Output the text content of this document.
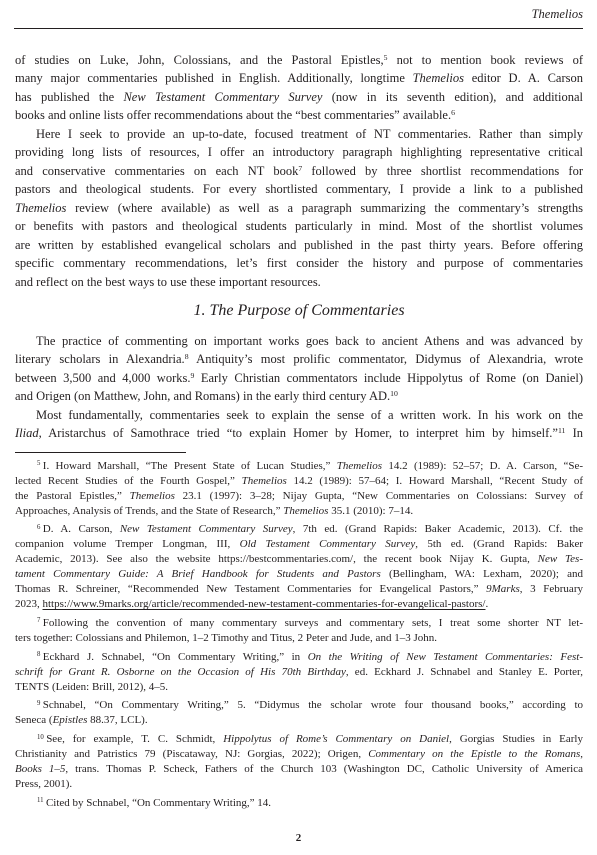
Themelios
of studies on Luke, John, Colossians, and the Pastoral Epistles,$^5$ not to mention book reviews of
many major commentaries published in English. Additionally, longtime Themelios editor D. A. Carson
has published the New Testament Commentary Survey (now in its seventh edition), and additional
books and online lists offer recommendations about the “best commentaries” available.$^6$
Here I seek to provide an up-to-date, focused treatment of NT commentaries. Rather than simply
providing long lists of resources, I offer an introductory paragraph highlighting representative critical
and conservative commentaries on each NT book$^7$ followed by three shortlist recommendations for
pastors and theological students. For every shortlisted commentary, I provide a link to a published
Themelios review (where available) as well as a paragraph summarizing the commentary’s strengths
or benefits with pastors and theological students particularly in mind. Most of the shortlist volumes
are written by established evangelical scholars and published in the past thirty years. Before offering
specific commentary recommendations, let’s first consider the history and purpose of commentaries
and reflect on the best ways to use these important resources.
1. The Purpose of Commentaries
The practice of commenting on important works goes back to ancient Athens and was advanced by
literary scholars in Alexandria.$^8$ Antiquity’s most prolific commentator, Didymus of Alexandria, wrote
between 3,500 and 4,000 works.$^9$ Early Christian commentators include Hippolytus of Rome (on Daniel)
and Origen (on Matthew, John, and Romans) in the early third century AD.$^{10}$
Most fundamentally, commentaries seek to explain the sense of a written work. In his work on the
Iliad, Aristarchus of Samothrace tried “to explain Homer by Homer, to interpret him by himself.”$^{11}$ In
$^5$ I. Howard Marshall, “The Present State of Lucan Studies,” Themelios 14.2 (1989): 52–57; D. A. Carson, “Se-
lected Recent Studies of the Fourth Gospel,” Themelios 14.2 (1989): 57–64; I. Howard Marshall, “Recent Study of
the Pastoral Epistles,” Themelios 23.1 (1997): 3–28; Nijay Gupta, “New Commentaries on Colossians: Survey of
Approaches, Analysis of Trends, and the State of Research,” Themelios 35.1 (2010): 7–14.
$^6$ D. A. Carson, New Testament Commentary Survey, 7th ed. (Grand Rapids: Baker Academic, 2013). Cf. the
companion volume Tremper Longman, III, Old Testament Commentary Survey, 5th ed. (Grand Rapids: Baker
Academic, 2013). See also the website https://bestcommentaries.com/, the recent book Nijay K. Gupta, New Tes-
tament Commentary Guide: A Brief Handbook for Students and Pastors (Bellingham, WA: Lexham, 2020); and
Thomas R. Schreiner, “Recommended New Testament Commentaries for Evangelical Pastors,” 9Marks, 3 February
2023, https://www.9marks.org/article/recommended-new-testament-commentaries-for-evangelical-pastors/.
$^7$ Following the convention of many commentary surveys and commentary sets, I treat some shorter NT let-
ters together: Colossians and Philemon, 1–2 Timothy and Titus, 2 Peter and Jude, and 1–3 John.
$^8$ Eckhard J. Schnabel, “On Commentary Writing,” in On the Writing of New Testament Commentaries: Fest-
schrift for Grant R. Osborne on the Occasion of His 70th Birthday, ed. Eckhard J. Schnabel and Stanley E. Porter,
TENTS (Leiden: Brill, 2012), 4–5.
$^9$ Schnabel, “On Commentary Writing,” 5. “Didymus the scholar wrote four thousand books,” according to
Seneca (Epistles 88.37, LCL).
$^{10}$ See, for example, T. C. Schmidt, Hippolytus of Rome’s Commentary on Daniel, Gorgias Studies in Early
Christianity and Patristics 79 (Piscataway, NJ: Gorgias, 2022); Origen, Commentary on the Epistle to the Romans,
Books 1–5, trans. Thomas P. Scheck, Fathers of the Church 103 (Washington DC, Catholic University of America
Press, 2001).
$^{11}$ Cited by Schnabel, “On Commentary Writing,” 14.
2
